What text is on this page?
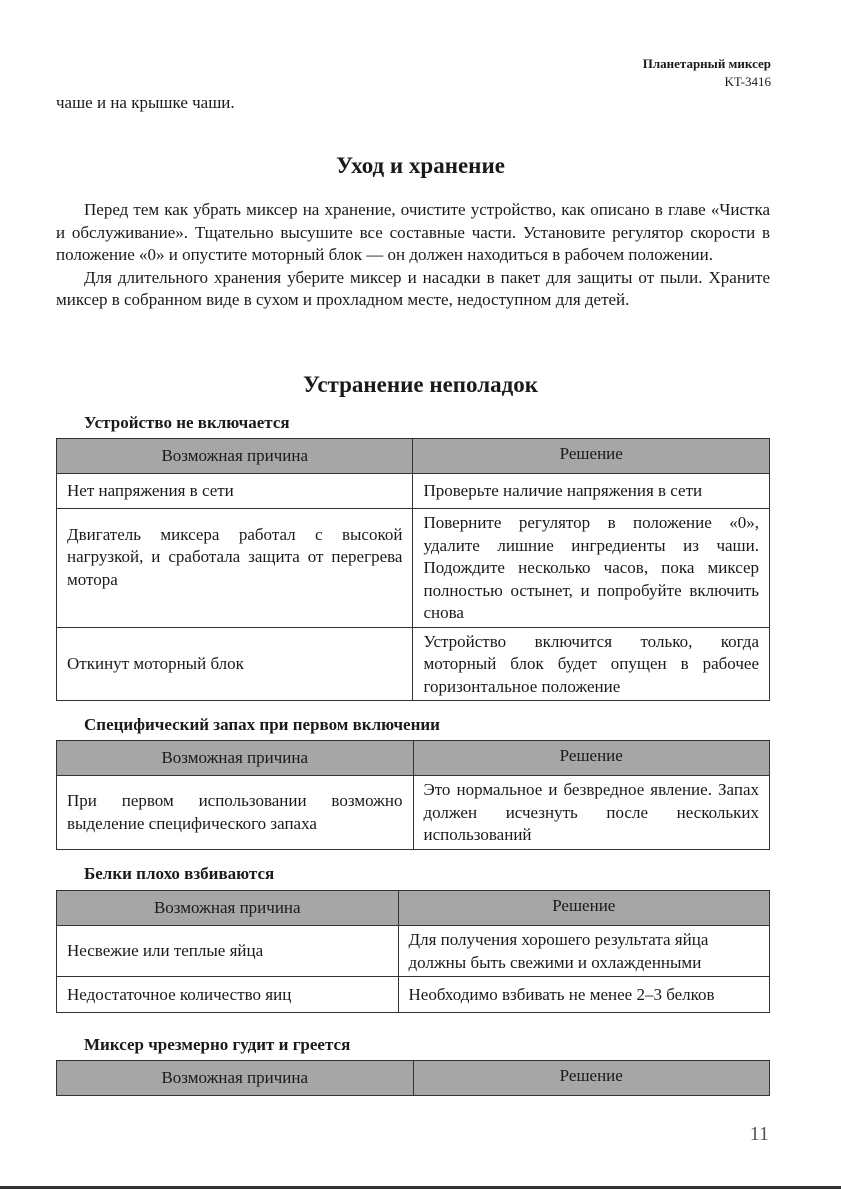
Планетарный миксер
KT-3416

чаше и на крышке чаши.

Уход и хранение

Перед тем как убрать миксер на хранение, очистите устройство, как описано в главе «Чистка и обслуживание». Тщательно высушите все составные части. Установите регулятор скорости в положение «0» и опустите моторный блок — он должен находиться в рабочем положении.

Для длительного хранения уберите миксер и насадки в пакет для защиты от пыли. Храните миксер в собранном виде в сухом и прохладном месте, недоступном для детей.

Устранение неполадок
Устройство не включается
Возможная причина	Решение
Нет напряжения в сети	Проверьте наличие напряжения в сети
Двигатель миксера работал с высокой нагрузкой, и сработала защита от перегрева мотора	Поверните регулятор в положение «0», удалите лишние ингредиенты из чаши. Подождите несколько часов, пока миксер полностью остынет, и попробуйте включить снова
Откинут моторный блок	Устройство включится только, когда моторный блок будет опущен в рабочее горизонтальное положение
Специфический запах при первом включении
Возможная причина	Решение
При первом использовании возможно выделение специфического запаха	Это нормальное и безвредное явление. Запах должен исчезнуть после нескольких использований
Белки плохо взбиваются
Возможная причина	Решение
Несвежие или теплые яйца	Для получения хорошего результата яйца должны быть свежими и охлажденными
Недостаточное количество яиц	Необходимо взбивать не менее 2–3 белков
Миксер чрезмерно гудит и греется
Возможная причина	Решение
11
